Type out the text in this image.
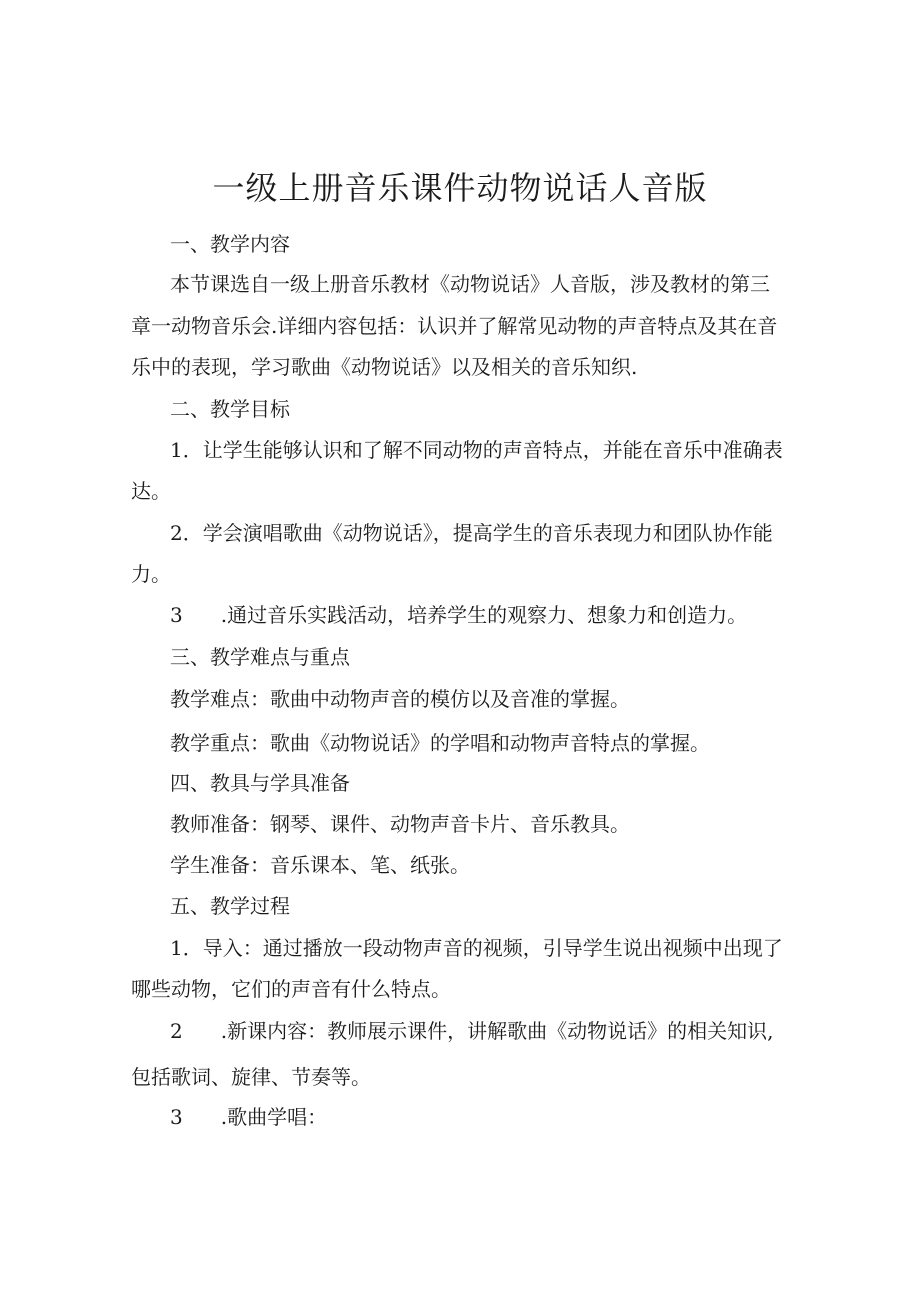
一级上册音乐课件动物说话人音版

一、教学内容

本节课选自一级上册音乐教材《动物说话》人音版，涉及教材的第三

章一动物音乐会.详细内容包括：认识并了解常见动物的声音特点及其在音

乐中的表现，学习歌曲《动物说话》以及相关的音乐知织.

二、教学目标

1．让学生能够认识和了解不同动物的声音特点，并能在音乐中准确表

达。

2．学会演唱歌曲《动物说话》，提高学生的音乐表现力和团队协作能

力。

3 .通过音乐实践活动，培养学生的观察力、想象力和创造力。

三、教学难点与重点

教学难点：歌曲中动物声音的模仿以及音准的掌握。

教学重点：歌曲《动物说话》的学唱和动物声音特点的掌握。

四、教具与学具准备

教师准备：钢琴、课件、动物声音卡片、音乐教具。

学生准备：音乐课本、笔、纸张。

五、教学过程

1．导入：通过播放一段动物声音的视频，引导学生说出视频中出现了

哪些动物，它们的声音有什么特点。

2 .新课内容：教师展示课件，讲解歌曲《动物说话》的相关知识,

包括歌词、旋律、节奏等。

3 .歌曲学唱：
